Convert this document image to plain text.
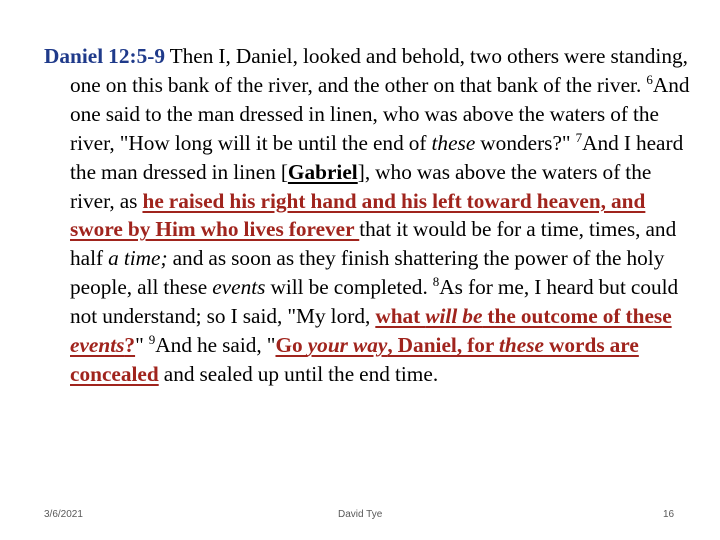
Daniel 12:5-9 Then I, Daniel, looked and behold, two others were standing, one on this bank of the river, and the other on that bank of the river. $^6$And one said to the man dressed in linen, who was above the waters of the river, "How long will it be until the end of these wonders?" $^7$And I heard the man dressed in linen [Gabriel], who was above the waters of the river, as he raised his right hand and his left toward heaven, and swore by Him who lives forever that it would be for a time, times, and half a time; and as soon as they finish shattering the power of the holy people, all these events will be completed. $^8$As for me, I heard but could not understand; so I said, "My lord, what will be the outcome of these events?" $^9$And he said, "Go your way, Daniel, for these words are concealed and sealed up until the end time.
3/6/2021	David Tye	16
